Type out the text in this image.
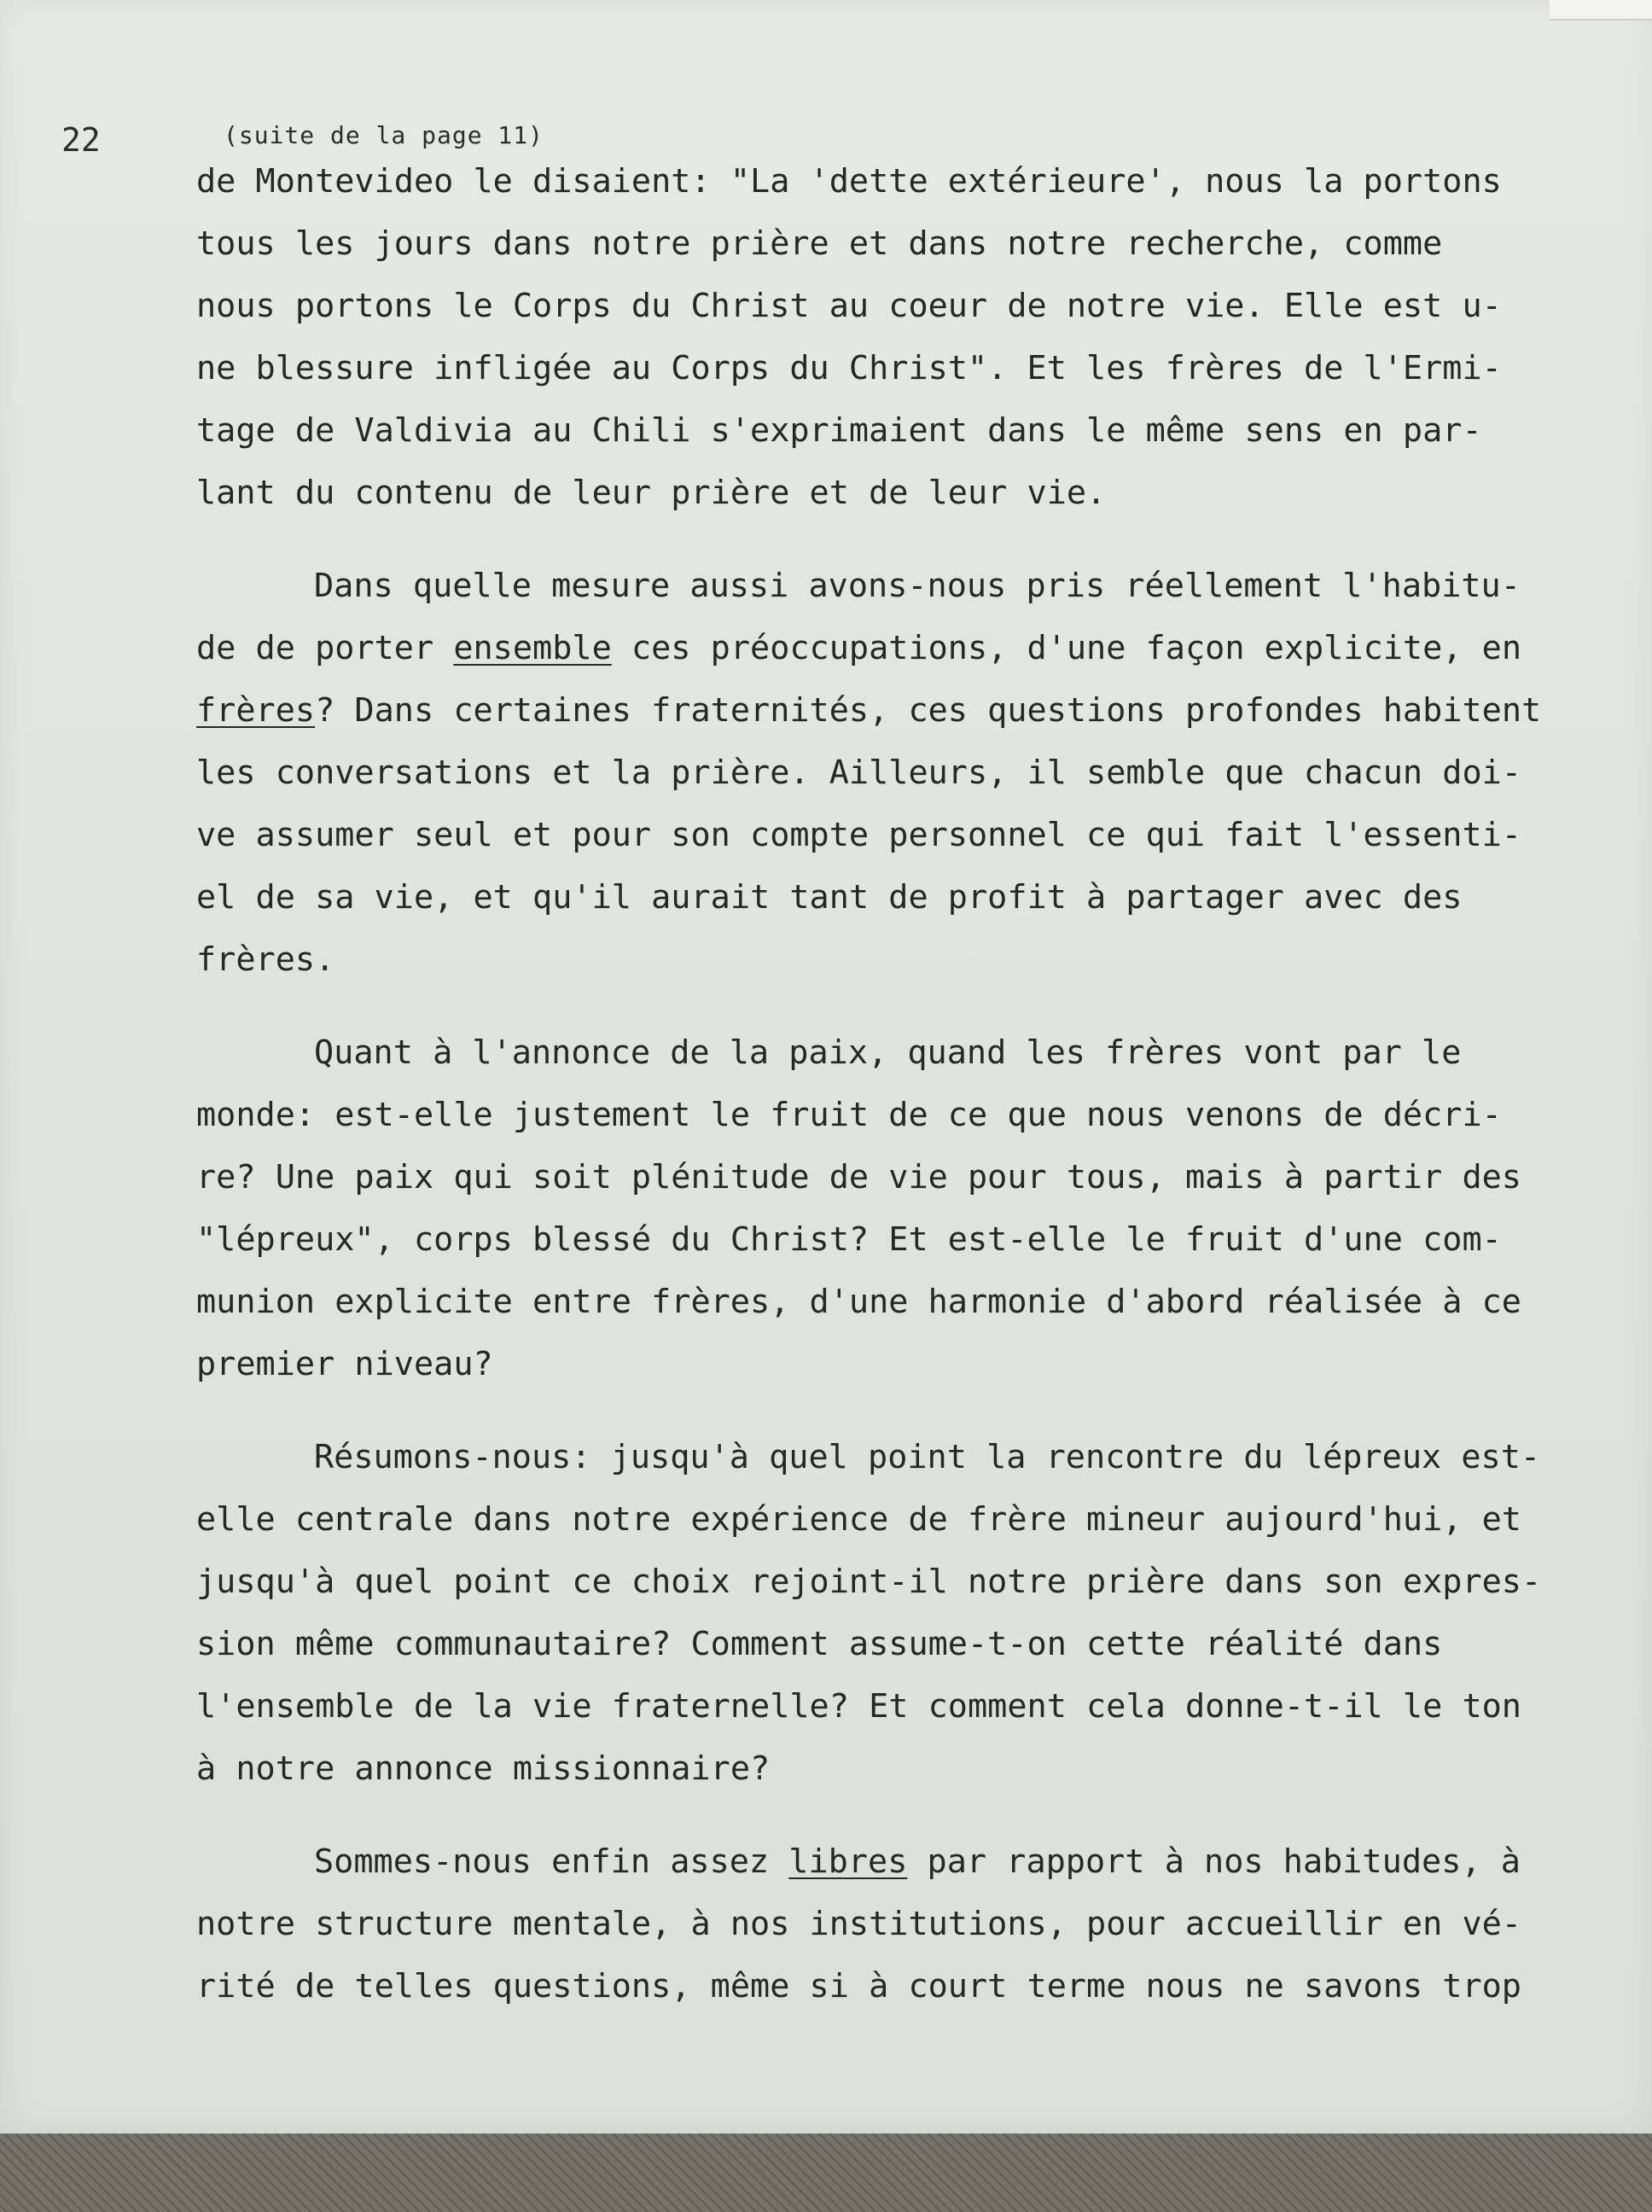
22	(suite de la page 11)
de Montevideo le disaient: "La 'dette extérieure', nous la portons
tous les jours dans notre prière et dans notre recherche, comme
nous portons le Corps du Christ au coeur de notre vie. Elle est u-
ne blessure infligée au Corps du Christ". Et les frères de l'Ermi-
tage de Valdivia au Chili s'exprimaient dans le même sens en par-
lant du contenu de leur prière et de leur vie.
Dans quelle mesure aussi avons-nous pris réellement l'habitu-
de de porter ensemble ces préoccupations, d'une façon explicite, en
frères? Dans certaines fraternités, ces questions profondes habitent
les conversations et la prière. Ailleurs, il semble que chacun doi-
ve assumer seul et pour son compte personnel ce qui fait l'essenti-
el de sa vie, et qu'il aurait tant de profit à partager avec des
frères.
Quant à l'annonce de la paix, quand les frères vont par le
monde: est-elle justement le fruit de ce que nous venons de décri-
re? Une paix qui soit plénitude de vie pour tous, mais à partir des
"lépreux", corps blessé du Christ? Et est-elle le fruit d'une com-
munion explicite entre frères, d'une harmonie d'abord réalisée à ce
premier niveau?
Résumons-nous: jusqu'à quel point la rencontre du lépreux est-
elle centrale dans notre expérience de frère mineur aujourd'hui, et
jusqu'à quel point ce choix rejoint-il notre prière dans son expres-
sion même communautaire? Comment assume-t-on cette réalité dans
l'ensemble de la vie fraternelle? Et comment cela donne-t-il le ton
à notre annonce missionnaire?
Sommes-nous enfin assez libres par rapport à nos habitudes, à
notre structure mentale, à nos institutions, pour accueillir en vé-
rité de telles questions, même si à court terme nous ne savons trop
